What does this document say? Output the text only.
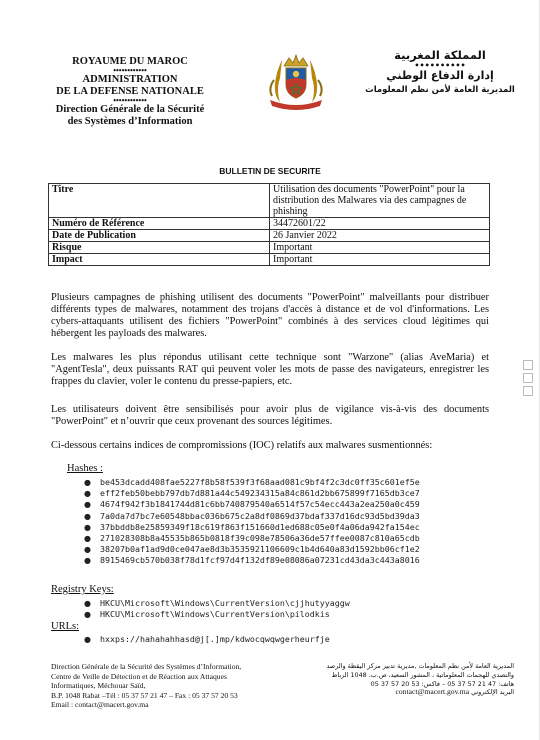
ROYAUME DU MAROC
••••••••••••
ADMINISTRATION
DE LA DEFENSE NATIONALE
••••••••••••
Direction Générale de la Sécurité
des Systèmes d’Information
المملكة المغربية
••••••••••
إدارة الدفاع الوطني
المديرية العامة لأمن نظم المعلومات
BULLETIN DE SECURITE
Titre	Utilisation des documents "PowerPoint" pour la distribution des Malwares via des campagnes de phishing
Numéro de Référence	34472601/22
Date de Publication	26 Janvier 2022
Risque	Important
Impact	Important
Plusieurs campagnes de phishing utilisent des documents "PowerPoint" malveillants pour distribuer différents types de malwares, notamment des trojans d'accès à distance et de vol d'informations. Les cybers-attaquants utilisent des fichiers "PowerPoint" combinés à des services cloud légitimes qui hébergent les payloads des malwares.
Les malwares les plus répondus utilisant cette technique sont "Warzone" (alias AveMaria) et "AgentTesla", deux puissants RAT qui peuvent voler les mots de passe des navigateurs, enregistrer les frappes du clavier, voler le contenu du presse-papiers, etc.
Les utilisateurs doivent être sensibilisés pour avoir plus de vigilance vis-à-vis des documents "PowerPoint" et n’ouvrir que ceux provenant des sources légitimes.
Ci-dessous certains indices de compromissions (IOC) relatifs aux malwares susmentionnés:
Hashes :
● be453dcadd408fae5227f8b58f539f3f68aad081c9bf4f2c3dc0ff35c601ef5e
● eff2feb50bebb797db7d881a44c549234315a84c861d2bb675899f7165db3ce7
● 4674f942f3b1841744d81c6bb740879540a6514f57c54ecc443a2ea250a0c459
● 7a0da7d7bc7e60548bbac036b675c2a8df0869d37bdaf337d16dc93d5bd39da3
● 37bbddb8e25859349f18c619f863f151660d1ed688c05e0f4a06da942fa154ec
● 271028308b8a45535b865b0818f39c098e78506a36de57ffee0087c810a65cdb
● 38207b0af1ad9d0ce047ae8d3b3535921106609c1b4d640a83d1592bb06cf1e2
● 8915469cb570b038f78d1fcf97d4f132df89e08086a07231cd43da3c443a8016
Registry Keys:
● HKCU\Microsoft\Windows\CurrentVersion\cjjhutyyaggw
● HKCU\Microsoft\Windows\CurrentVersion\pilodkis
URLs:
● hxxps://hahahahhasd@j[.]mp/kdwocqwqwgerheurfje
Direction Générale de la Sécurité des Systèmes d’Information,
Centre de Veille de Détection et de Réaction aux Attaques
Informatiques, Méchouar Saïd,
B.P. 1048 Rabat –Tél : 05 37 57 21 47 – Fax : 05 37 57 20 53
Email : contact@macert.gov.ma
المديرية العامة لأمن نظم المعلومات ,مديرية تدبير مركز اليقظة والرصد
والتصدي للهجمات المعلوماتية ، المشور السعيد، ص.ب. 1048 الرباط
هاتف: 47 21 57 37 05 – فاكس: 53 20 57 37 05
البريد الإلكتروني contact@macert.gov.ma
